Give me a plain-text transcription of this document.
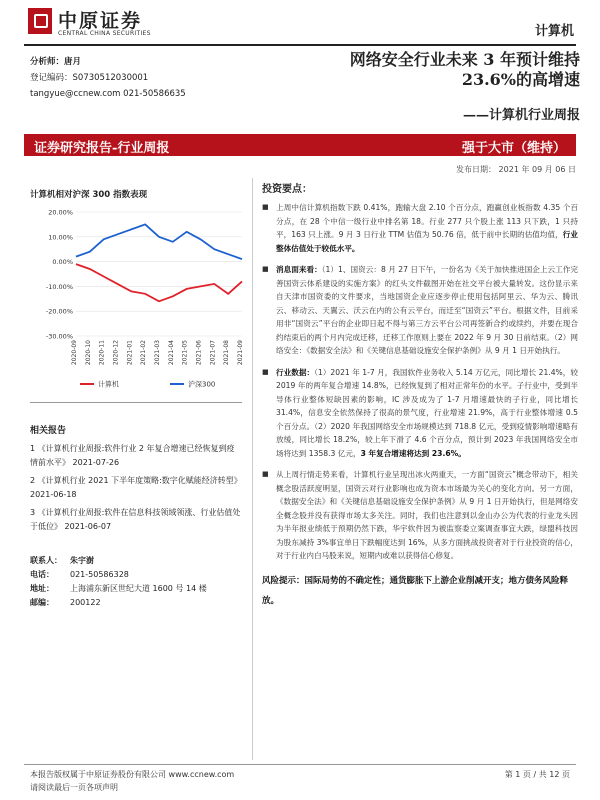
中原证券
CENTRAL CHINA SECURITIES	计算机
分析师：唐月
登记编码：S0730512030001
tangyue@ccnew.com 021-50586635
网络安全行业未来 3 年预计维持
23.6%的高增速
——计算机行业周报
证券研究报告-行业周报	强于大市（维持）
发布日期： 2021 年 09 月 06 日
计算机相对沪深 300 指数表现
20.00%
10.00%
0.00%
-10.00%
-20.00%
-30.00%
2020-09 2020-10 2020-11 2020-12 2021-01 2021-02 2021-03 2021-04 2021-05 2021-06 2021-07 2021-08 2021-09
计算机	沪深300
相关报告
1 《计算机行业周报:软件行业 2 年复合增速已经恢复到疫情前水平》 2021-07-26
2 《计算机行业 2021 下半年度策略:数字化赋能经济转型》 2021-06-18
3 《计算机行业周报:软件在信息科技领域领涨、行业估值处于低位》 2021-06-07
联系人：	朱宇澍
电话：	021-50586328
地址：	上海浦东新区世纪大道 1600 号 14 楼
邮编：	200122
投资要点：

■ 上周中信计算机指数下跌 0.41%，跑输大盘 2.10 个百分点，跑赢创业板指数 4.35 个百分点，在 28 个中信一级行业中排名第 18。行业 277 只个股上涨 113 只下跌，1 只持平，163 只上涨。9 月 3 日行业 TTM 估值为 50.76 倍，低于前中长期的估值均值，行业整体估值处于较低水平。

■ 消息面来看：（1）1、国资云：8 月 27 日下午，一份名为《关于加快推进国企上云工作完善国资云体系建设的实施方案》的红头文件截图开始在社交平台被大量转发。这份显示来自天津市国资委的文件要求，当地国资企业应逐步停止使用包括阿里云、华为云、腾讯云、移动云、天翼云、沃云在内的公有云平台，而迁至“国资云”平台。根据文件，目前采用非“国资云”平台的企业即日起不得与第三方云平台公司再签新合约或续约，并要在现合约结束后的两个月内完成迁移，迁移工作原则上要在 2022 年 9 月 30 日前结束。（2）网络安全：《数据安全法》和《关键信息基础设施安全保护条例》从 9 月 1 日开始执行。

■ 行业数据：（1）2021 年 1-7 月，我国软件业务收入 5.14 万亿元，同比增长 21.4%，较 2019 年的两年复合增速 14.8%，已经恢复到了相对正常年份的水平。子行业中，受到半导体行业整体短缺因素的影响，IC 涉及成为了 1-7 月增速最快的子行业，同比增长 31.4%，信息安全依然保持了很高的景气度，行业增速 21.9%，高于行业整体增速 0.5 个百分点。（2）2020 年我国网络安全市场规模达到 718.8 亿元，受到疫情影响增速略有放缓，同比增长 18.2%，较上年下滑了 4.6 个百分点，预计到 2023 年我国网络安全市场将达到 1358.3 亿元，3 年复合增速将达到 23.6%。

■ 从上周行情走势来看，计算机行业呈现出冰火两重天，一方面“国资云”概念带动下，相关概念股活跃度明显，国资云对行业影响也成为资本市场最为关心的变化方向。另一方面，《数据安全法》和《关键信息基础设施安全保护条例》从 9 月 1 日开始执行，但是网络安全概念股并没有获得市场太多关注。同时，我们也注意到以金山办公为代表的行业龙头因为半年报业绩低于预期仍然下跌，华宇软件因为被监察委立案调查事宜大跌，绿盟科技因为股东减持 3%事宜单日下跌幅度达到 16%，从多方面挑战投资者对于行业投资的信心，对于行业内白马股来说，短期内或难以获得信心修复。

风险提示：国际局势的不确定性；通货膨胀下上游企业削减开支；地方债务风险释放。
本报告版权属于中原证券股份有限公司 www.ccnew.com
请阅读最后一页各项声明
第 1 页 / 共 12 页
